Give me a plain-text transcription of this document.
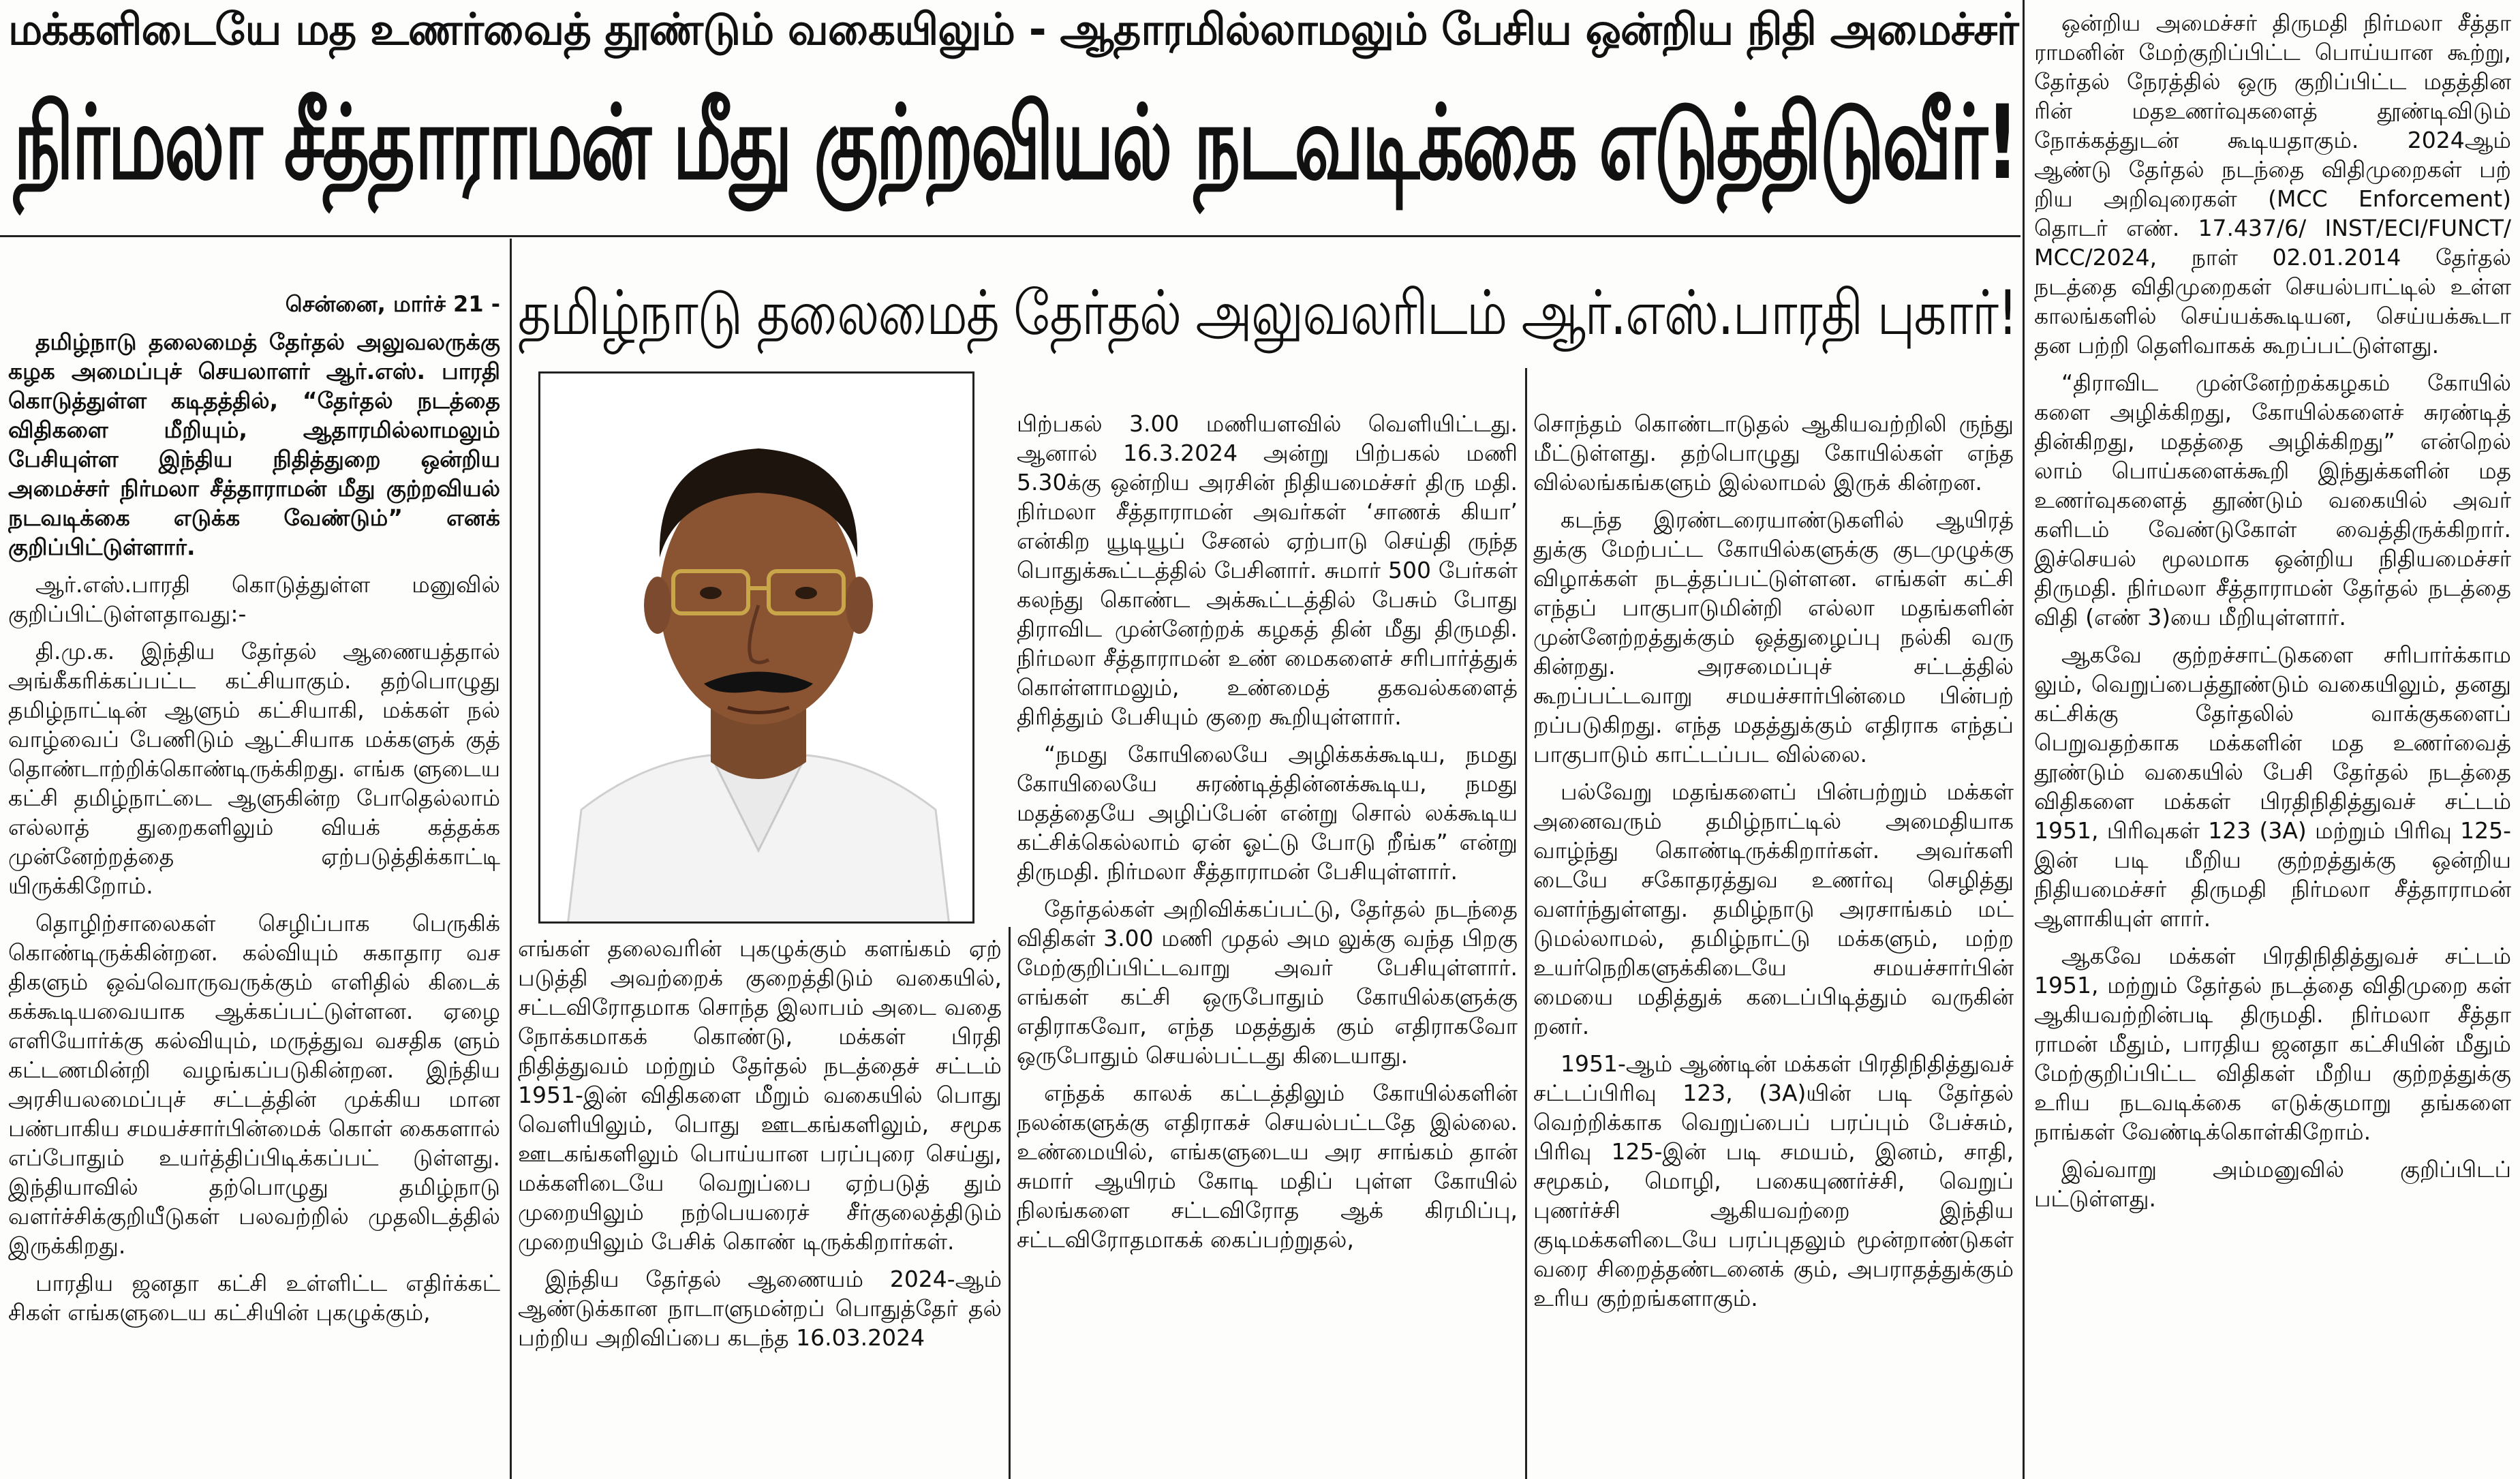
மக்களிடையே மத உணர்வைத் தூண்டும் வகையிலும் - ஆதாரமில்லாமலும் பேசிய ஒன்றிய நிதி அமைச்சர்
நிர்மலா சீத்தாராமன் மீது குற்றவியல் நடவடிக்கை எடுத்திடுவீர்!
தமிழ்நாடு தலைமைத் தேர்தல் அலுவலரிடம் ஆர்.எஸ்.பாரதி புகார்!

சென்னை, மார்ச் 21 -

தமிழ்நாடு தலைமைத் தேர்தல் அலுவலருக்கு கழக அமைப்புச் செயலாளர் ஆர்.எஸ். பாரதி கொடுத்துள்ள கடிதத்தில், “தேர்தல் நடத்தை விதிகளை மீறியும், ஆதாரமில்லாமலும் பேசியுள்ள இந்திய நிதித்துறை ஒன்றிய அமைச்சர் நிர்மலா சீத்தாராமன் மீது குற்றவியல் நடவடிக்கை எடுக்க வேண்டும்” எனக் குறிப்பிட்டுள்ளார்.

ஆர்.எஸ்.பாரதி கொடுத்துள்ள மனுவில் குறிப்பிட்டுள்ளதாவது:-

தி.மு.க. இந்திய தேர்தல் ஆணையத்தால் அங்கீகரிக்கப்பட்ட கட்சியாகும். தற்பொழுது தமிழ்நாட்டின் ஆளும் கட்சியாகி, மக்கள் நல் வாழ்வைப் பேணிடும் ஆட்சியாக மக்களுக் குத் தொண்டாற்றிக்கொண்டிருக்கிறது. எங்க ளுடைய கட்சி தமிழ்நாட்டை ஆளுகின்ற போதெல்லாம் எல்லாத் துறைகளிலும் வியக் கத்தக்க முன்னேற்றத்தை ஏற்படுத்திக்காட்டி யிருக்கிறோம்.

தொழிற்சாலைகள் செழிப்பாக பெருகிக் கொண்டிருக்கின்றன. கல்வியும் சுகாதார வச திகளும் ஒவ்வொருவருக்கும் எளிதில் கிடைக் கக்கூடியவையாக ஆக்கப்பட்டுள்ளன. ஏழை எளியோர்க்கு கல்வியும், மருத்துவ வசதிக ளும் கட்டணமின்றி வழங்கப்படுகின்றன. இந்திய அரசியலமைப்புச் சட்டத்தின் முக்கிய மான பண்பாகிய சமயச்சார்பின்மைக் கொள் கைகளால் எப்போதும் உயர்த்திப்பிடிக்கப்பட் டுள்ளது. இந்தியாவில் தற்பொழுது தமிழ்நாடு வளர்ச்சிக்குறியீடுகள் பலவற்றில் முதலிடத்தில் இருக்கிறது.

பாரதிய ஜனதா கட்சி உள்ளிட்ட எதிர்க்கட் சிகள் எங்களுடைய கட்சியின் புகழுக்கும்,

எங்கள் தலைவரின் புகழுக்கும் களங்கம் ஏற் படுத்தி அவற்றைக் குறைத்திடும் வகையில், சட்டவிரோதமாக சொந்த இலாபம் அடை வதை நோக்கமாகக் கொண்டு, மக்கள் பிரதி நிதித்துவம் மற்றும் தேர்தல் நடத்தைச் சட்டம் 1951-இன் விதிகளை மீறும் வகையில் பொது வெளியிலும், பொது ஊடகங்களிலும், சமூக ஊடகங்களிலும் பொய்யான பரப்புரை செய்து, மக்களிடையே வெறுப்பை ஏற்படுத் தும் முறையிலும் நற்பெயரைச் சீர்குலைத்திடும் முறையிலும் பேசிக் கொண் டிருக்கிறார்கள்.

இந்திய தேர்தல் ஆணையம் 2024-ஆம் ஆண்டுக்கான நாடாளுமன்றப் பொதுத்தேர் தல் பற்றிய அறிவிப்பை கடந்த 16.03.2024

பிற்பகல் 3.00 மணியளவில் வெளியிட்டது. ஆனால் 16.3.2024 அன்று பிற்பகல் மணி 5.30க்கு ஒன்றிய அரசின் நிதியமைச்சர் திரு மதி. நிர்மலா சீத்தாராமன் அவர்கள் ‘சாணக் கியா’ என்கிற யூடியூப் சேனல் ஏற்பாடு செய்தி ருந்த பொதுக்கூட்டத்தில் பேசினார். சுமார் 500 பேர்கள் கலந்து கொண்ட அக்கூட்டத்தில் பேசும் போது திராவிட முன்னேற்றக் கழகத் தின் மீது திருமதி. நிர்மலா சீத்தாராமன் உண் மைகளைச் சரிபார்த்துக் கொள்ளாமலும், உண்மைத் தகவல்களைத் திரித்தும் பேசியும் குறை கூறியுள்ளார்.

“நமது கோயிலையே அழிக்கக்கூடிய, நமது கோயிலையே சுரண்டித்தின்னக்கூடிய, நமது மதத்தையே அழிப்பேன் என்று சொல் லக்கூடிய கட்சிக்கெல்லாம் ஏன் ஓட்டு போடு றீங்க” என்று திருமதி. நிர்மலா சீத்தாராமன் பேசியுள்ளார்.

தேர்தல்கள் அறிவிக்கப்பட்டு, தேர்தல் நடந்தை விதிகள் 3.00 மணி முதல் அம லுக்கு வந்த பிறகு மேற்குறிப்பிட்டவாறு அவர் பேசியுள்ளார். எங்கள் கட்சி ஒருபோதும் கோயில்களுக்கு எதிராகவோ, எந்த மதத்துக் கும் எதிராகவோ ஒருபோதும் செயல்பட்டது கிடையாது.

எந்தக் காலக் கட்டத்திலும் கோயில்களின் நலன்களுக்கு எதிராகச் செயல்பட்டதே இல்லை. உண்மையில், எங்களுடைய அர சாங்கம் தான் சுமார் ஆயிரம் கோடி மதிப் புள்ள கோயில் நிலங்களை சட்டவிரோத ஆக் கிரமிப்பு, சட்டவிரோதமாகக் கைப்பற்றுதல்,

சொந்தம் கொண்டாடுதல் ஆகியவற்றிலி ருந்து மீட்டுள்ளது. தற்பொழுது கோயில்கள் எந்த வில்லங்கங்களும் இல்லாமல் இருக் கின்றன.

கடந்த இரண்டரையாண்டுகளில் ஆயிரத் துக்கு மேற்பட்ட கோயில்களுக்கு குடமுழுக்கு விழாக்கள் நடத்தப்பட்டுள்ளன. எங்கள் கட்சி எந்தப் பாகுபாடுமின்றி எல்லா மதங்களின் முன்னேற்றத்துக்கும் ஒத்துழைப்பு நல்கி வரு கின்றது. அரசமைப்புச் சட்டத்தில் கூறப்பட்டவாறு சமயச்சார்பின்மை பின்பற் றப்படுகிறது. எந்த மதத்துக்கும் எதிராக எந்தப் பாகுபாடும் காட்டப்பட வில்லை.

பல்வேறு மதங்களைப் பின்பற்றும் மக்கள் அனைவரும் தமிழ்நாட்டில் அமைதியாக வாழ்ந்து கொண்டிருக்கிறார்கள். அவர்களி டையே சகோதரத்துவ உணர்வு செழித்து வளர்ந்துள்ளது. தமிழ்நாடு அரசாங்கம் மட் டுமல்லாமல், தமிழ்நாட்டு மக்களும், மற்ற உயர்நெறிகளுக்கிடையே சமயச்சார்பின் மையை மதித்துக் கடைப்பிடித்தும் வருகின் றனர்.

1951-ஆம் ஆண்டின் மக்கள் பிரதிநிதித்துவச் சட்டப்பிரிவு 123, (3A)யின் படி தேர்தல் வெற்றிக்காக வெறுப்பைப் பரப்பும் பேச்சும், பிரிவு 125-இன் படி சமயம், இனம், சாதி, சமூகம், மொழி, பகையுணர்ச்சி, வெறுப் புணர்ச்சி ஆகியவற்றை இந்திய குடிமக்களிடையே பரப்புதலும் மூன்றாண்டுகள் வரை சிறைத்தண்டனைக் கும், அபராதத்துக்கும் உரிய குற்றங்களாகும்.

ஒன்றிய அமைச்சர் திருமதி நிர்மலா சீத்தா ராமனின் மேற்குறிப்பிட்ட பொய்யான கூற்று, தேர்தல் நேரத்தில் ஒரு குறிப்பிட்ட மதத்தின ரின் மதஉணர்வுகளைத் தூண்டிவிடும் நோக்கத்துடன் கூடியதாகும். 2024ஆம் ஆண்டு தேர்தல் நடந்தை விதிமுறைகள் பற் றிய அறிவுரைகள் (MCC Enforcement) தொடர் எண். 17.437/6/ INST/ECI/FUNCT/ MCC/2024, நாள் 02.01.2014 தேர்தல் நடத்தை விதிமுறைகள் செயல்பாட்டில் உள்ள காலங்களில் செய்யக்கூடியன, செய்யக்கூடா தன பற்றி தெளிவாகக் கூறப்பட்டுள்ளது.

“திராவிட முன்னேற்றக்கழகம் கோயில் களை அழிக்கிறது, கோயில்களைச் சுரண்டித் தின்கிறது, மதத்தை அழிக்கிறது” என்றெல் லாம் பொய்களைக்கூறி இந்துக்களின் மத உணர்வுகளைத் தூண்டும் வகையில் அவர் களிடம் வேண்டுகோள் வைத்திருக்கிறார். இச்செயல் மூலமாக ஒன்றிய நிதியமைச்சர் திருமதி. நிர்மலா சீத்தாராமன் தேர்தல் நடத்தை விதி (எண் 3)யை மீறியுள்ளார்.

ஆகவே குற்றச்சாட்டுகளை சரிபார்க்காம லும், வெறுப்பைத்தூண்டும் வகையிலும், தனது கட்சிக்கு தேர்தலில் வாக்குகளைப் பெறுவதற்காக மக்களின் மத உணர்வைத் தூண்டும் வகையில் பேசி தேர்தல் நடத்தை விதிகளை மக்கள் பிரதிநிதித்துவச் சட்டம் 1951, பிரிவுகள் 123 (3A) மற்றும் பிரிவு 125-இன் படி மீறிய குற்றத்துக்கு ஒன்றிய நிதியமைச்சர் திருமதி நிர்மலா சீத்தாராமன் ஆளாகியுள் ளார்.

ஆகவே மக்கள் பிரதிநிதித்துவச் சட்டம் 1951, மற்றும் தேர்தல் நடத்தை விதிமுறை கள் ஆகியவற்றின்படி திருமதி. நிர்மலா சீத்தா ராமன் மீதும், பாரதிய ஜனதா கட்சியின் மீதும் மேற்குறிப்பிட்ட விதிகள் மீறிய குற்றத்துக்கு உரிய நடவடிக்கை எடுக்குமாறு தங்களை நாங்கள் வேண்டிக்கொள்கிறோம்.

இவ்வாறு அம்மனுவில் குறிப்பிடப் பட்டுள்ளது.
